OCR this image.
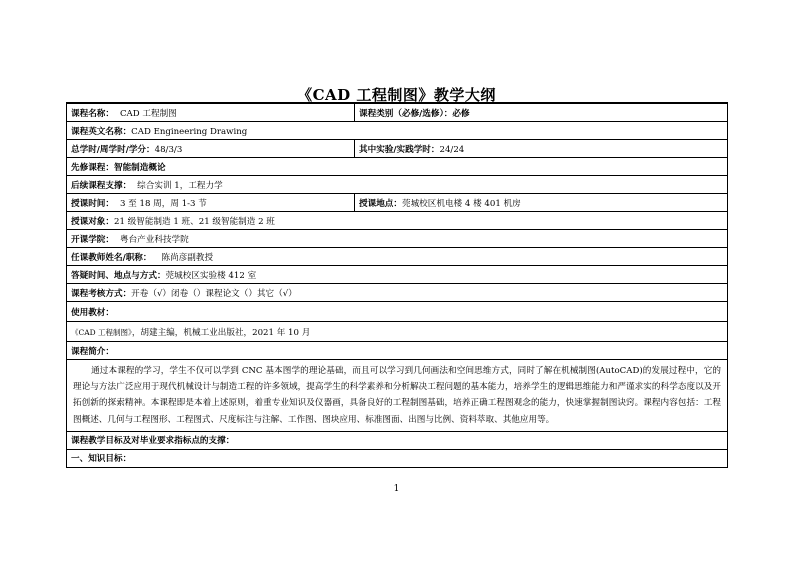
《CAD 工程制图》教学大纲
课程名称： CAD 工程制图	课程类别（必修/选修）：必修
课程英文名称：CAD Engineering Drawing	
总学时/周学时/学分：48/3/3	其中实验/实践学时：24/24
先修课程：智能制造概论	
后续课程支撑： 综合实训 1，工程力学	
授课时间： 3 至 18 周，周 1-3 节	授课地点：莞城校区机电楼 4 楼 401 机房
授课对象：21 级智能制造 1 班、21 级智能制造 2 班	
开课学院： 粤台产业科技学院	
任课教师姓名/职称： 陈尚彦副教授	
答疑时间、地点与方式：莞城校区实验楼 412 室	
课程考核方式：开卷（√）闭卷（）课程论文（）其它（√）	
使用教材：	
《CAD 工程制图》，胡建主编，机械工业出版社，2021 年 10 月	
课程简介：	
通过本课程的学习，学生不仅可以学到 CNC 基本图学的理论基础，而且可以学习到几何画法和空间思维方式，同时了解在机械制图(AutoCAD)的发展过程中，它的理论与方法广泛应用于现代机械设计与制造工程的许多领域，提高学生的科学素养和分析解决工程问题的基本能力，培养学生的逻辑思维能力和严谨求实的科学态度以及开拓创新的探索精神。本课程即是本着上述原则，着重专业知识及仪器画，具备良好的工程制图基础，培养正确工程图观念的能力，快速掌握制图诀窍。课程内容包括：工程图概述、几何与工程图形、工程图式、尺度标注与注解、工作图、图块应用、标准图面、出图与比例、资料萃取、其他应用等。	
课程教学目标及对毕业要求指标点的支撑：	
一、知识目标：	
1
